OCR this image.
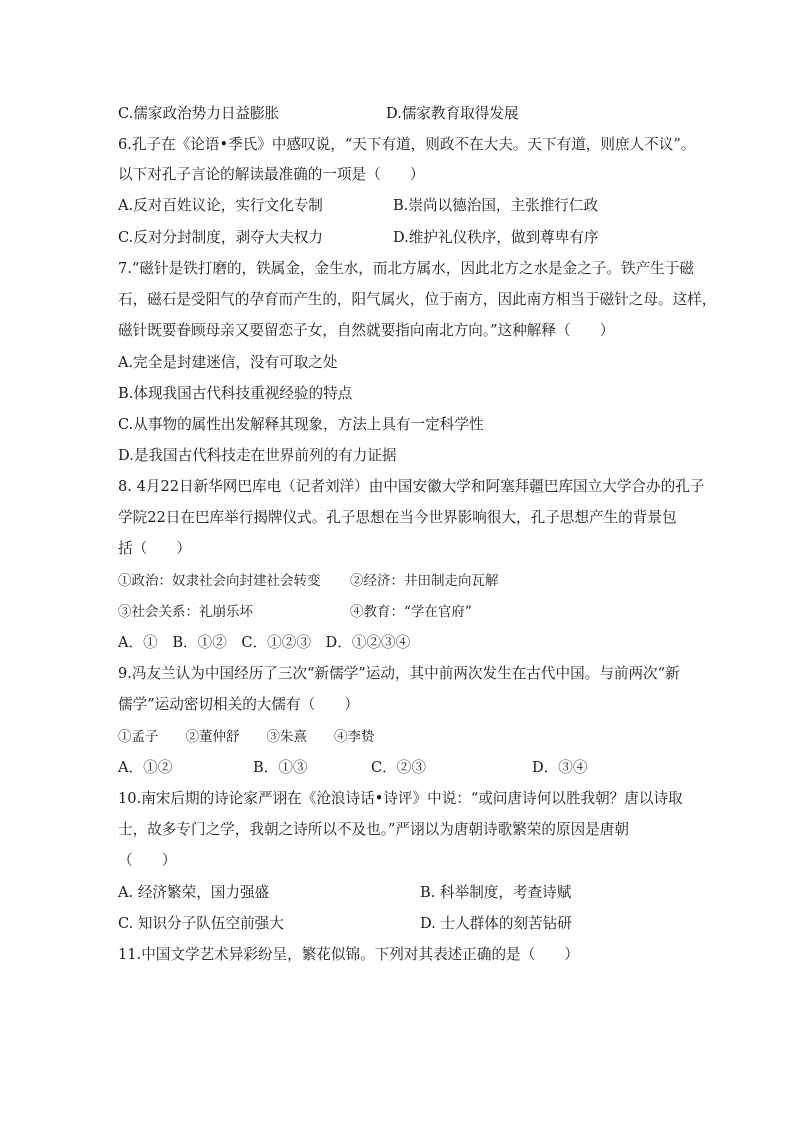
C.儒家政治势力日益膨胀	D.儒家教育取得发展
6.孔子在《论语•季氏》中感叹说，“天下有道，则政不在大夫。天下有道，则庶人不议”。
以下对孔子言论的解读最准确的一项是（　　）
A.反对百姓议论，实行文化专制	B.崇尚以德治国，主张推行仁政
C.反对分封制度，剥夺大夫权力	D.维护礼仪秩序，做到尊卑有序
7.“磁针是铁打磨的，铁属金，金生水，而北方属水，因此北方之水是金之子。铁产生于磁
石，磁石是受阳气的孕育而产生的，阳气属火，位于南方，因此南方相当于磁针之母。这样，
磁针既要眷顾母亲又要留恋子女，自然就要指向南北方向。”这种解释（　　）
A.完全是封建迷信，没有可取之处
B.体现我国古代科技重视经验的特点
C.从事物的属性出发解释其现象，方法上具有一定科学性
D.是我国古代科技走在世界前列的有力证据
8. 4月22日新华网巴库电（记者刘洋）由中国安徽大学和阿塞拜疆巴库国立大学合办的孔子
学院22日在巴库举行揭牌仪式。孔子思想在当今世界影响很大，孔子思想产生的背景包
括（　　）
①政治：奴隶社会向封建社会转变 ②经济：井田制走向瓦解
③社会关系：礼崩乐坏	④教育：“学在官府”
A．①　B．①②　C．①②③　D．①②③④
9.冯友兰认为中国经历了三次“新儒学”运动，其中前两次发生在古代中国。与前两次“新
儒学”运动密切相关的大儒有（　　）
①孟子　　②董仲舒　　③朱熹　　④李贽
A．①②	B．①③	C．②③	D．③④
10.南宋后期的诗论家严诩在《沧浪诗话•诗评》中说：“或问唐诗何以胜我朝？唐以诗取
士，故多专门之学，我朝之诗所以不及也。”严诩以为唐朝诗歌繁荣的原因是唐朝
（　　）
A. 经济繁荣，国力强盛	B. 科举制度，考查诗赋
C. 知识分子队伍空前强大	D. 士人群体的刻苦钻研
11.中国文学艺术异彩纷呈，繁花似锦。下列对其表述正确的是（　　）
